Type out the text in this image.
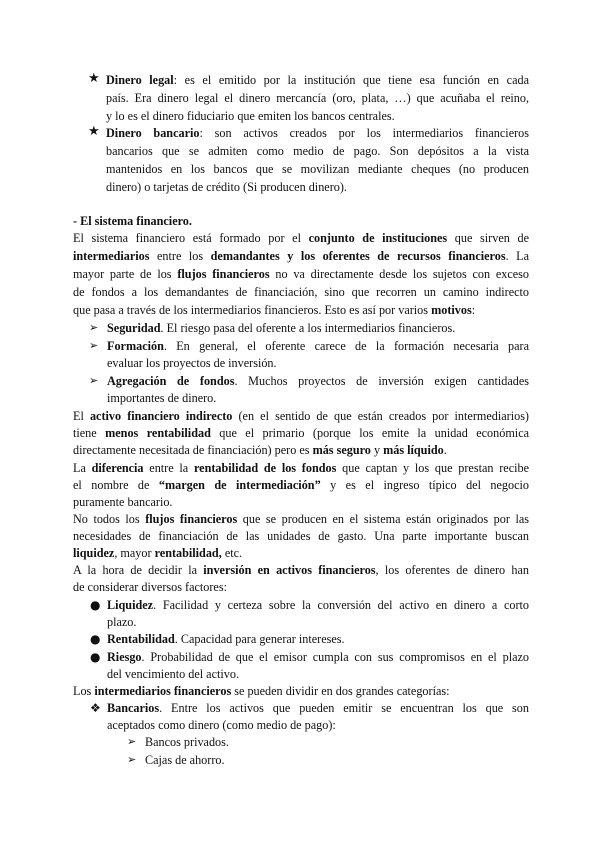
★ Dinero legal: es el emitido por la institución que tiene esa función en cada

país. Era dinero legal el dinero mercancía (oro, plata, …) que acuñaba el reino,

y lo es el dinero fiduciario que emiten los bancos centrales.

★ Dinero bancario: son activos creados por los intermediarios financieros

bancarios que se admiten como medio de pago. Son depósitos a la vista

mantenidos en los bancos que se movilizan mediante cheques (no producen

dinero) o tarjetas de crédito (Si producen dinero).

- El sistema financiero.

El sistema financiero está formado por el conjunto de instituciones que sirven de

intermediarios entre los demandantes y los oferentes de recursos financieros. La

mayor parte de los flujos financieros no va directamente desde los sujetos con exceso

de fondos a los demandantes de financiación, sino que recorren un camino indirecto

que pasa a través de los intermediarios financieros. Esto es así por varios motivos:

➢ Seguridad. El riesgo pasa del oferente a los intermediarios financieros.

➢ Formación. En general, el oferente carece de la formación necesaria para

evaluar los proyectos de inversión.

➢ Agregación de fondos. Muchos proyectos de inversión exigen cantidades

importantes de dinero.

El activo financiero indirecto (en el sentido de que están creados por intermediarios)

tiene menos rentabilidad que el primario (porque los emite la unidad económica

directamente necesitada de financiación) pero es más seguro y más líquido.

La diferencia entre la rentabilidad de los fondos que captan y los que prestan recibe

el nombre de “margen de intermediación” y es el ingreso típico del negocio

puramente bancario.

No todos los flujos financieros que se producen en el sistema están originados por las

necesidades de financiación de las unidades de gasto. Una parte importante buscan

liquidez, mayor rentabilidad, etc.

A la hora de decidir la inversión en activos financieros, los oferentes de dinero han

de considerar diversos factores:

● Liquidez. Facilidad y certeza sobre la conversión del activo en dinero a corto

plazo.

● Rentabilidad. Capacidad para generar intereses.

● Riesgo. Probabilidad de que el emisor cumpla con sus compromisos en el plazo

del vencimiento del activo.

Los intermediarios financieros se pueden dividir en dos grandes categorías:

❖ Bancarios. Entre los activos que pueden emitir se encuentran los que son

aceptados como dinero (como medio de pago):

➢ Bancos privados.

➢ Cajas de ahorro.
